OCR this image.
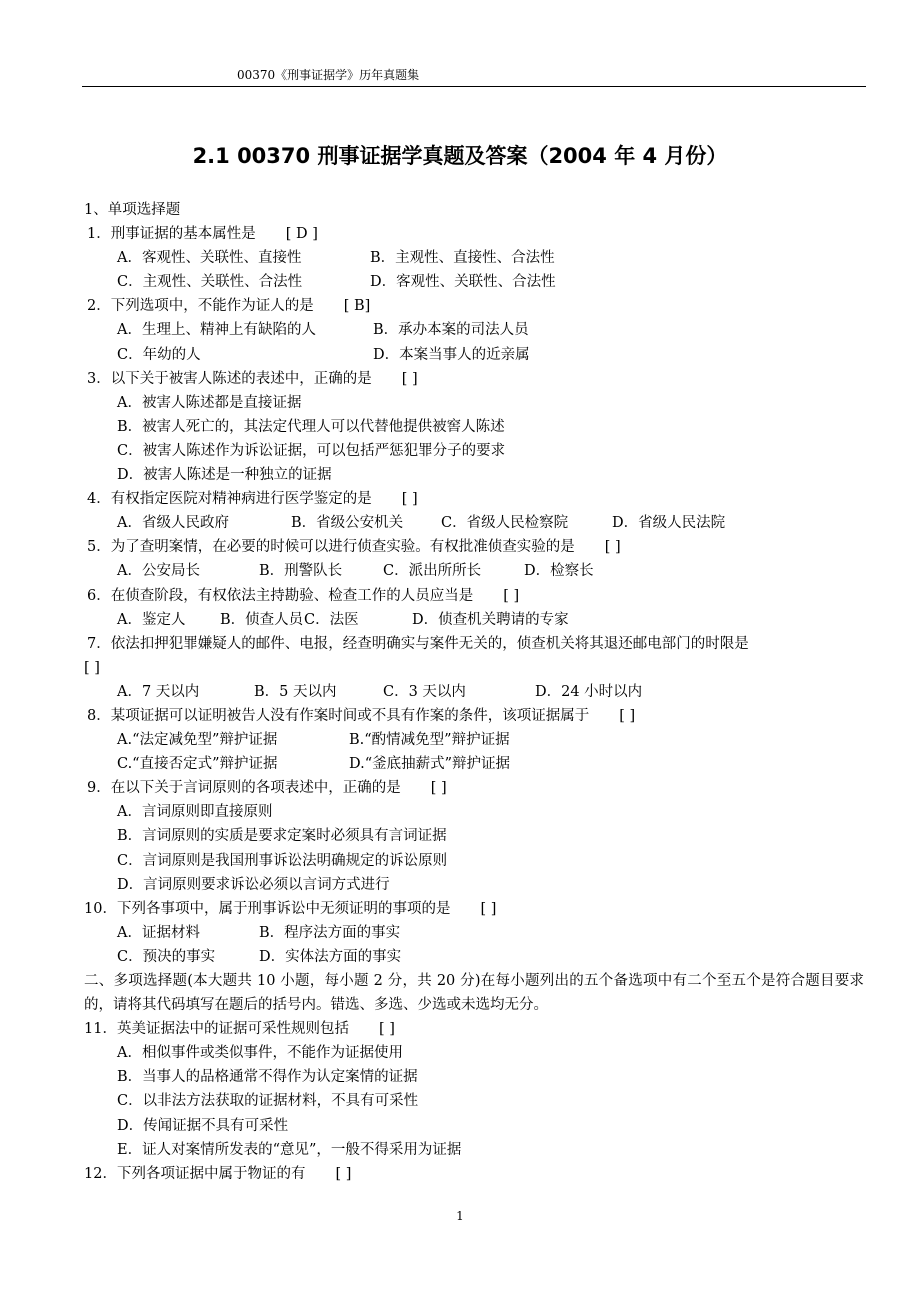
00370《刑事证据学》历年真题集
2.1 00370 刑事证据学真题及答案（2004 年 4 月份）
1、单项选择题
1．刑事证据的基本属性是 [ D ]
A．客观性、关联性、直接性	B．主观性、直接性、合法性
C．主观性、关联性、合法性	D．客观性、关联性、合法性
2．下列选项中，不能作为证人的是 [ B]
A．生理上、精神上有缺陷的人	B．承办本案的司法人员
C．年幼的人	D．本案当事人的近亲属
3．以下关于被害人陈述的表述中，正确的是 [ ]
A．被害人陈述都是直接证据
B．被害人死亡的，其法定代理人可以代替他提供被窖人陈述
C．被害人陈述作为诉讼证据，可以包括严惩犯罪分子的要求
D．被害人陈述是一种独立的证据
4．有权指定医院对精神病进行医学鉴定的是 [ ]
A．省级人民政府	B．省级公安机关	C．省级人民检察院	D．省级人民法院
5．为了查明案情，在必要的时候可以进行侦查实验。有权批准侦查实验的是 [ ]
A．公安局长	B．刑警队长	C．派出所所长	D．检察长
6．在侦查阶段，有权依法主持勘验、检查工作的人员应当是 [ ]
A．鉴定人	B．侦查人员 C．法医	D．侦查机关聘请的专家
7．依法扣押犯罪嫌疑人的邮件、电报，经查明确实与案件无关的，侦查机关将其退还邮电部门的时限是
[ ]
A．7 天以内	B．5 天以内	C．3 天以内	D．24 小时以内
8．某项证据可以证明被告人没有作案时间或不具有作案的条件，该项证据属于 [ ]
A.“法定减免型”辩护证据	B.“酌情减免型”辩护证据
C.“直接否定式”辩护证据	D.“釜底抽薪式”辩护证据
9．在以下关于言词原则的各项表述中，正确的是 [ ]
A．言词原则即直接原则
B．言词原则的实质是要求定案时必须具有言词证据
C．言词原则是我国刑事诉讼法明确规定的诉讼原则
D．言词原则要求诉讼必须以言词方式进行
10．下列各事项中，属于刑事诉讼中无须证明的事项的是 [ ]
A．证据材料	B．程序法方面的事实
C．预决的事实	D．实体法方面的事实
二、多项选择题(本大题共 10 小题，每小题 2 分，共 20 分)在每小题列出的五个备选项中有二个至五个是符合题目要求的，请将其代码填写在题后的括号内。错选、多选、少选或未选均无分。
11．英美证据法中的证据可采性规则包括 [ ]
A．相似事件或类似事件，不能作为证据使用
B．当事人的品格通常不得作为认定案情的证据
C．以非法方法获取的证据材料，不具有可采性
D．传闻证据不具有可采性
E．证人对案情所发表的“意见”，一般不得采用为证据
12．下列各项证据中属于物证的有 [ ]
1
